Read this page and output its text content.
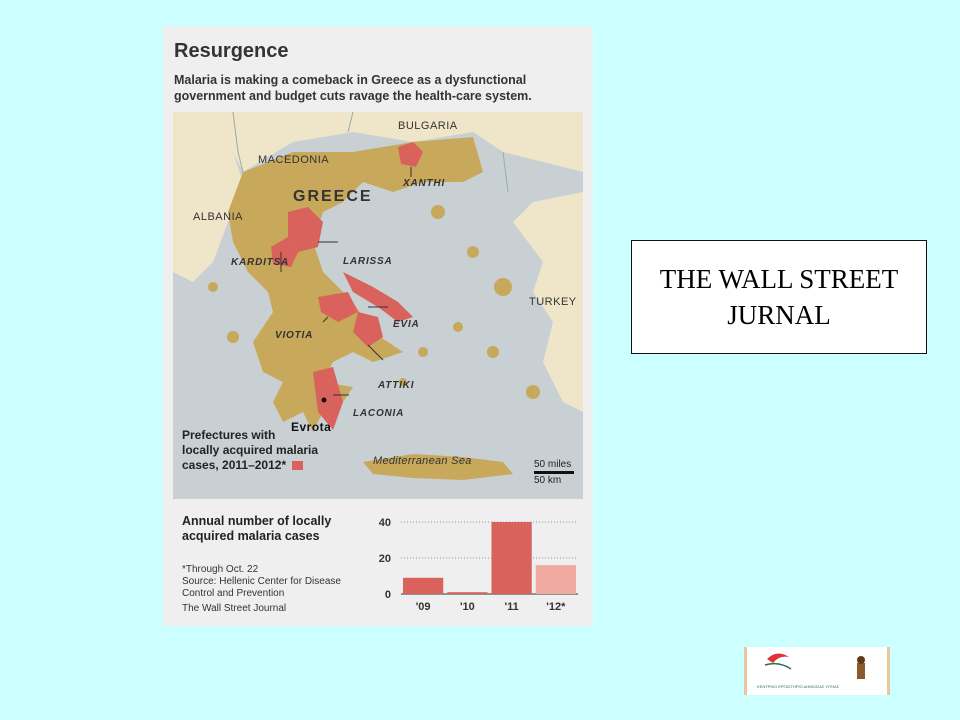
Resurgence
Malaria is making a comeback in Greece as a dysfunctional government and budget cuts ravage the health-care system.
MACEDONIA
BULGARIA
ALBANIA
TURKEY
GREECE
XANTHI
KARDITSA	LARISSA
EVIA
VIOTIA
ATTIKI
LACONIA
Evrota
Mediterranean Sea
Prefectures with
locally acquired malaria
cases, 2011–2012*	50 miles
50 km
Annual number of locally
acquired malaria cases
*Through Oct. 22
Source: Hellenic Center for Disease
Control and Prevention
The Wall Street Journal
0
20
40
'09	'10	'11	'12*
THE WALL STREET
JURNAL
ΚΕΝΤΡΙΚΟ ΕΡΓΑΣΤΗΡΙΟ ΔΗΜΟΣΙΑΣ ΥΓΕΙΑΣ
